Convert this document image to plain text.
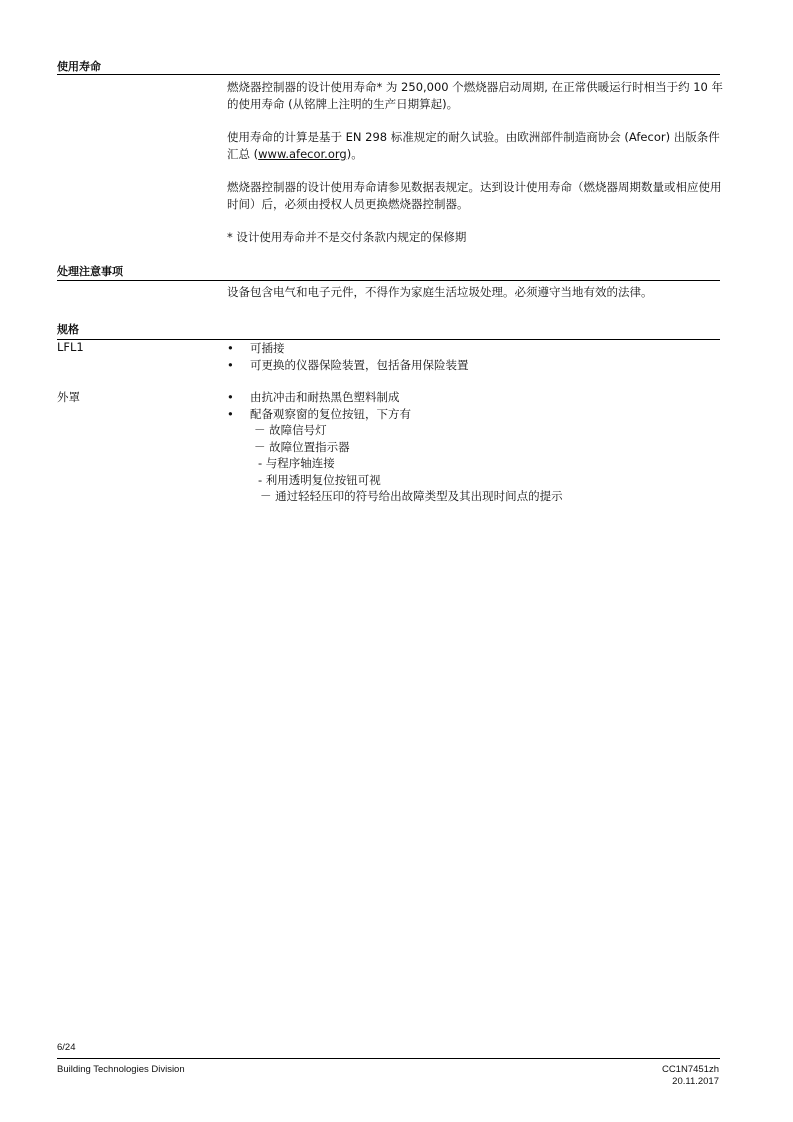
使用寿命

燃烧器控制器的设计使用寿命* 为 250,000 个燃烧器启动周期, 在正常供暖运行时相当于约 10 年的使用寿命 (从铭牌上注明的生产日期算起)。

使用寿命的计算是基于 EN 298 标准规定的耐久试验。由欧洲部件制造商协会 (Afecor) 出版条件汇总 (www.afecor.org)。

燃烧器控制器的设计使用寿命请参见数据表规定。达到设计使用寿命（燃烧器周期数量或相应使用时间）后，必须由授权人员更换燃烧器控制器。

* 设计使用寿命并不是交付条款内规定的保修期

处理注意事项
设备包含电气和电子元件，不得作为家庭生活垃圾处理。必须遵守当地有效的法律。
规格
LFL1	• 可插接
• 可更换的仪器保险装置，包括备用保险装置
外罩	• 由抗冲击和耐热黑色塑料制成
• 配备观察窗的复位按钮，下方有
－ 故障信号灯
－ 故障位置指示器
- 与程序轴连接
- 利用透明复位按钮可视
－ 通过轻轻压印的符号给出故障类型及其出现时间点的提示
6/24
Building Technologies Division	CC1N7451zh
20.11.2017
